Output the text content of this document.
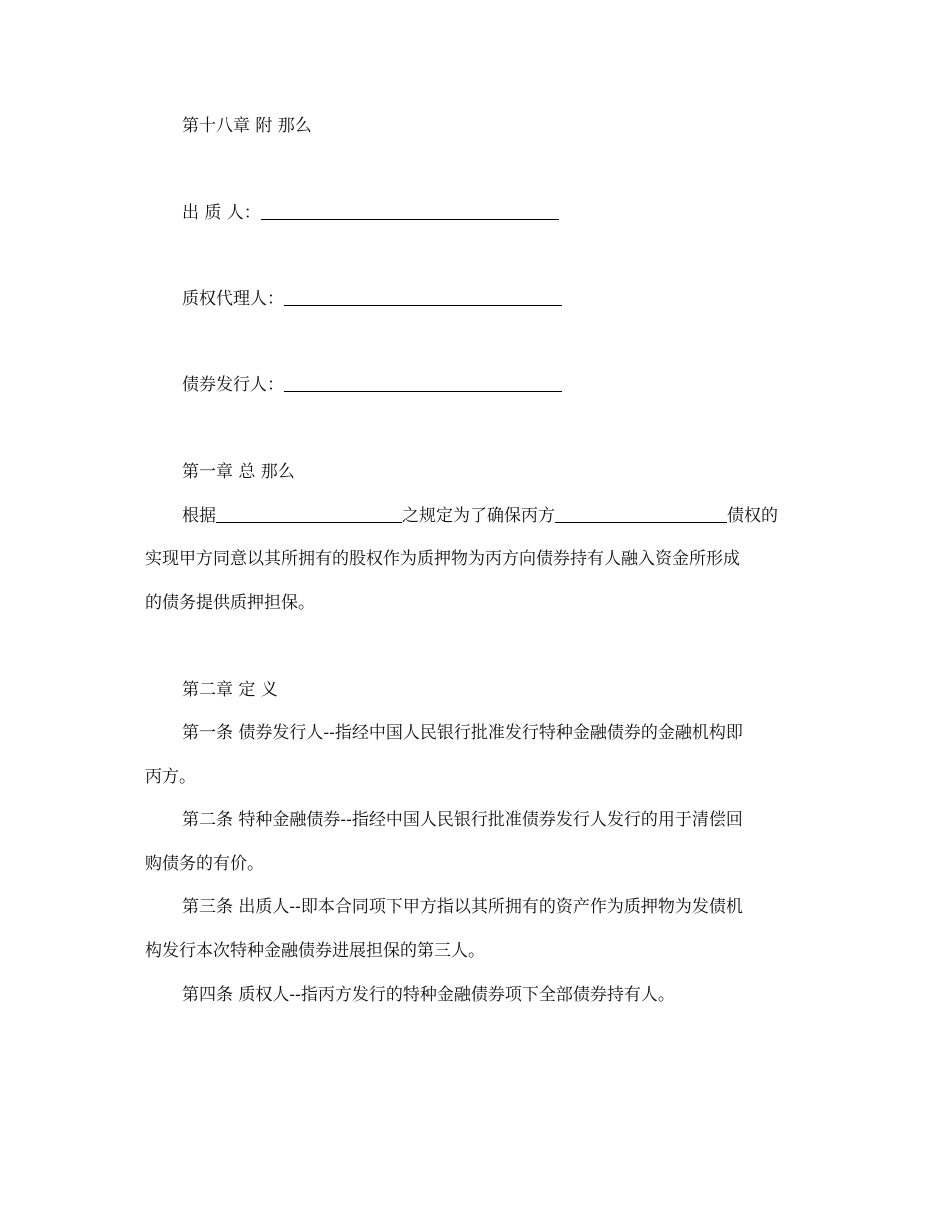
第十八章 附 那么
出 质 人：
质权代理人：
债券发行人：
第一章 总 那么
根据	之规定为了确保丙方	债权的
实现甲方同意以其所拥有的股权作为质押物为丙方向债券持有人融入资金所形成
的债务提供质押担保。
第二章 定 义
第一条 债券发行人--指经中国人民银行批准发行特种金融债券的金融机构即
丙方。
第二条 特种金融债券--指经中国人民银行批准债券发行人发行的用于清偿回
购债务的有价。
第三条 出质人--即本合同项下甲方指以其所拥有的资产作为质押物为发债机
构发行本次特种金融债券进展担保的第三人。
第四条 质权人--指丙方发行的特种金融债券项下全部债券持有人。
